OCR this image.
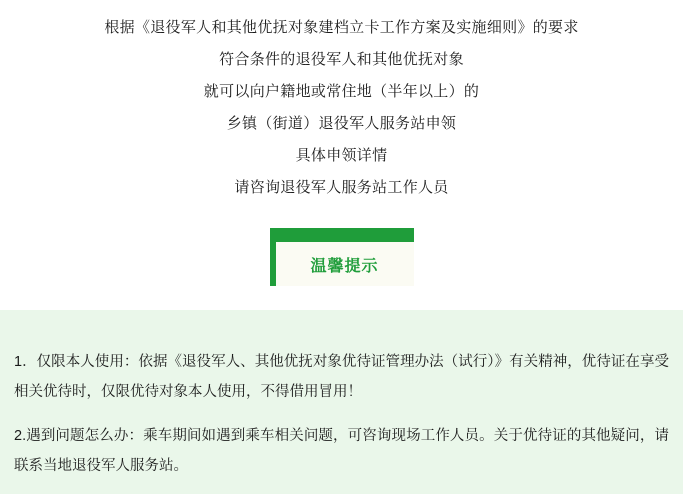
根据《退役军人和其他优抚对象建档立卡工作方案及实施细则》的要求
符合条件的退役军人和其他优抚对象
就可以向户籍地或常住地（半年以上）的
乡镇（街道）退役军人服务站申领
具体申领详情
请咨询退役军人服务站工作人员
温馨提示

1．仅限本人使用：依据《退役军人、其他优抚对象优待证管理办法（试行）》有关精神，优待证在享受相关优待时，仅限优待对象本人使用，不得借用冒用！

2.遇到问题怎么办：乘车期间如遇到乘车相关问题，可咨询现场工作人员。关于优待证的其他疑问，请联系当地退役军人服务站。
